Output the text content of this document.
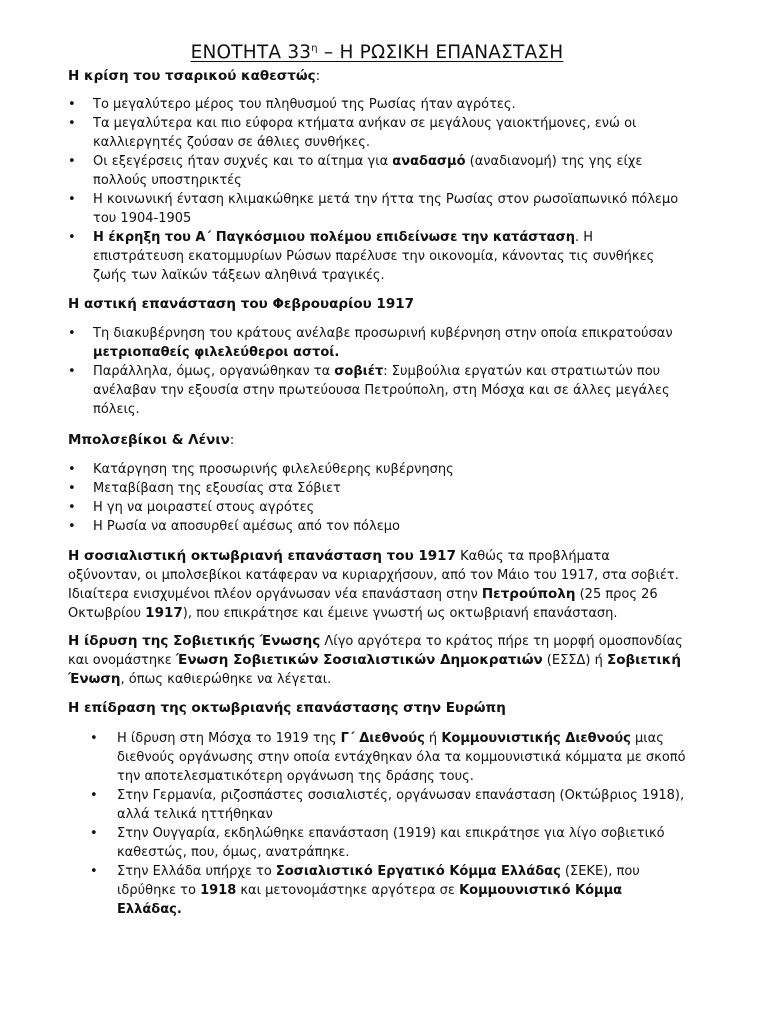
ΕΝΟΤΗΤΑ $33^\eta$ – Η ΡΩΣΙΚΗ ΕΠΑΝΑΣΤΑΣΗ

Η κρίση του τσαρικού καθεστώς:

• Το μεγαλύτερο μέρος του πληθυσμού της Ρωσίας ήταν αγρότες.
• Τα μεγαλύτερα και πιο εύφορα κτήματα ανήκαν σε μεγάλους γαιοκτήμονες, ενώ οι καλλιεργητές ζούσαν σε άθλιες συνθήκες.
• Οι εξεγέρσεις ήταν συχνές και το αίτημα για αναδασμό (αναδιανομή) της γης είχε πολλούς υποστηρικτές
• Η κοινωνική ένταση κλιμακώθηκε μετά την ήττα της Ρωσίας στον ρωσοϊαπωνικό πόλεμο του 1904-1905
• Η έκρηξη του Α΄ Παγκόσμιου πολέμου επιδείνωσε την κατάσταση. Η επιστράτευση εκατομμυρίων Ρώσων παρέλυσε την οικονομία, κάνοντας τις συνθήκες ζωής των λαϊκών τάξεων αληθινά τραγικές.

Η αστική επανάσταση του Φεβρουαρίου 1917

• Τη διακυβέρνηση του κράτους ανέλαβε προσωρινή κυβέρνηση στην οποία επικρατούσαν μετριοπαθείς φιλελεύθεροι αστοί.
• Παράλληλα, όμως, οργανώθηκαν τα σοβιέτ: Συμβούλια εργατών και στρατιωτών που ανέλαβαν την εξουσία στην πρωτεύουσα Πετρούπολη, στη Μόσχα και σε άλλες μεγάλες πόλεις.

Μπολσεβίκοι & Λένιν:

• Κατάργηση της προσωρινής φιλελεύθερης κυβέρνησης
• Μεταβίβαση της εξουσίας στα Σόβιετ
• Η γη να μοιραστεί στους αγρότες
• Η Ρωσία να αποσυρθεί αμέσως από τον πόλεμο

Η σοσιαλιστική οκτωβριανή επανάσταση του 1917 Καθώς τα προβλήματα οξύνονταν, οι μπολσεβίκοι κατάφεραν να κυριαρχήσουν, από τον Μάιο του 1917, στα σοβιέτ. Ιδιαίτερα ενισχυμένοι πλέον οργάνωσαν νέα επανάσταση στην Πετρούπολη (25 προς 26 Οκτωβρίου 1917), που επικράτησε και έμεινε γνωστή ως οκτωβριανή επανάσταση.

Η ίδρυση της Σοβιετικής Ένωσης Λίγο αργότερα το κράτος πήρε τη μορφή ομοσπονδίας και ονομάστηκε Ένωση Σοβιετικών Σοσιαλιστικών Δημοκρατιών (ΕΣΣΔ) ή Σοβιετική Ένωση, όπως καθιερώθηκε να λέγεται.

Η επίδραση της οκτωβριανής επανάστασης στην Ευρώπη

• Η ίδρυση στη Μόσχα το 1919 της Γ΄ Διεθνούς ή Κομμουνιστικής Διεθνούς μιας διεθνούς οργάνωσης στην οποία εντάχθηκαν όλα τα κομμουνιστικά κόμματα με σκοπό την αποτελεσματικότερη οργάνωση της δράσης τους.
• Στην Γερμανία, ριζοσπάστες σοσιαλιστές, οργάνωσαν επανάσταση (Οκτώβριος 1918), αλλά τελικά ηττήθηκαν
• Στην Ουγγαρία, εκδηλώθηκε επανάσταση (1919) και επικράτησε για λίγο σοβιετικό καθεστώς, που, όμως, ανατράπηκε.
• Στην Ελλάδα υπήρχε το Σοσιαλιστικό Εργατικό Κόμμα Ελλάδας (ΣΕΚΕ), που ιδρύθηκε το 1918 και μετονομάστηκε αργότερα σε Κομμουνιστικό Κόμμα Ελλάδας.
